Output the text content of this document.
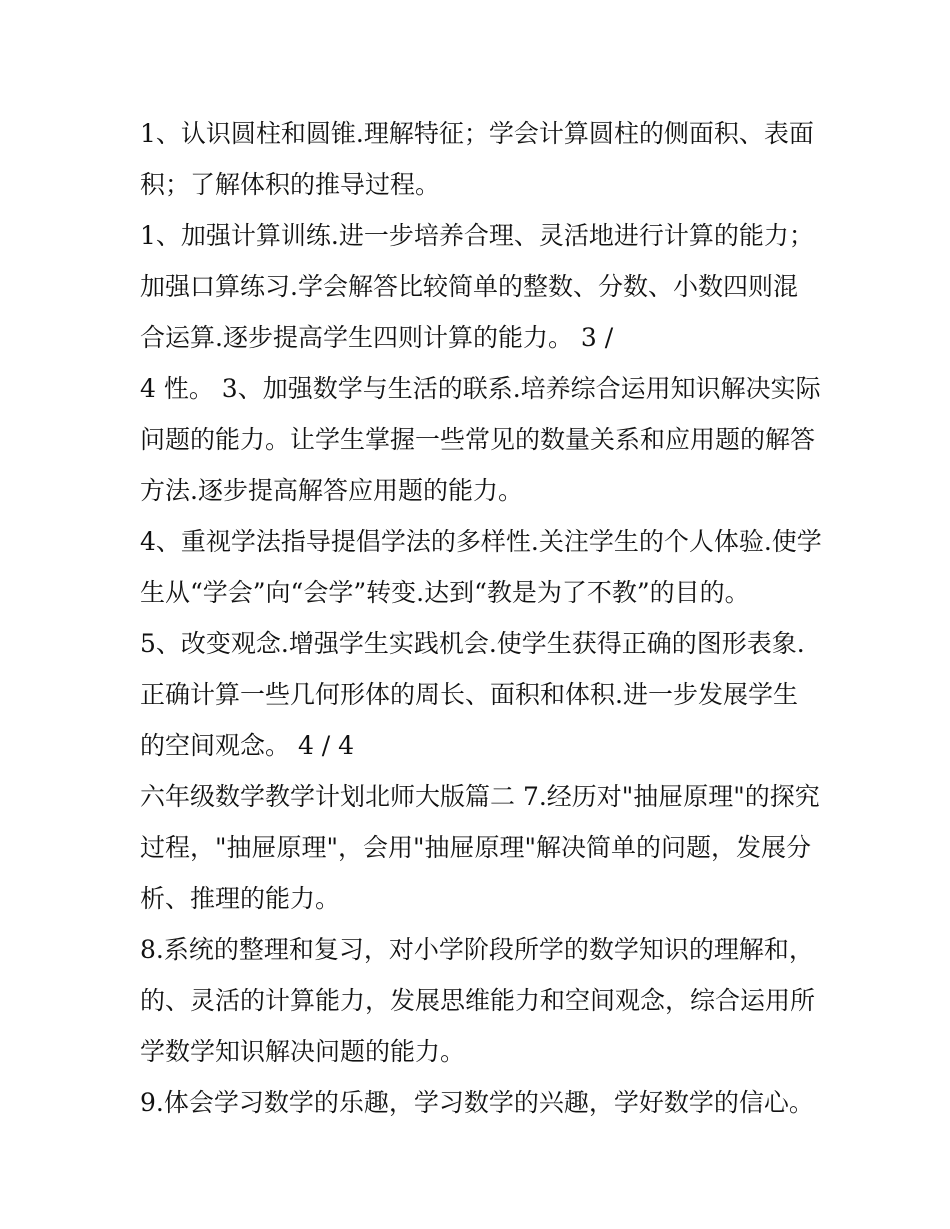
1、认识圆柱和圆锥.理解特征；学会计算圆柱的侧面积、表面
积；了解体积的推导过程。
1、加强计算训练.进一步培养合理、灵活地进行计算的能力；
加强口算练习.学会解答比较简单的整数、分数、小数四则混
合运算.逐步提高学生四则计算的能力。 3 /
4 性。 3、加强数学与生活的联系.培养综合运用知识解决实际
问题的能力。让学生掌握一些常见的数量关系和应用题的解答
方法.逐步提高解答应用题的能力。
4、重视学法指导提倡学法的多样性.关注学生的个人体验.使学
生从“学会”向“会学”转变.达到“教是为了不教”的目的。
5、改变观念.增强学生实践机会.使学生获得正确的图形表象.
正确计算一些几何形体的周长、面积和体积.进一步发展学生
的空间观念。 4 / 4
六年级数学教学计划北师大版篇二 7.经历对"抽屉原理"的探究
过程，"抽屉原理"，会用"抽屉原理"解决简单的问题，发展分
析、推理的能力。
8.系统的整理和复习，对小学阶段所学的数学知识的理解和，
的、灵活的计算能力，发展思维能力和空间观念，综合运用所
学数学知识解决问题的能力。
9.体会学习数学的乐趣，学习数学的兴趣，学好数学的信心。
